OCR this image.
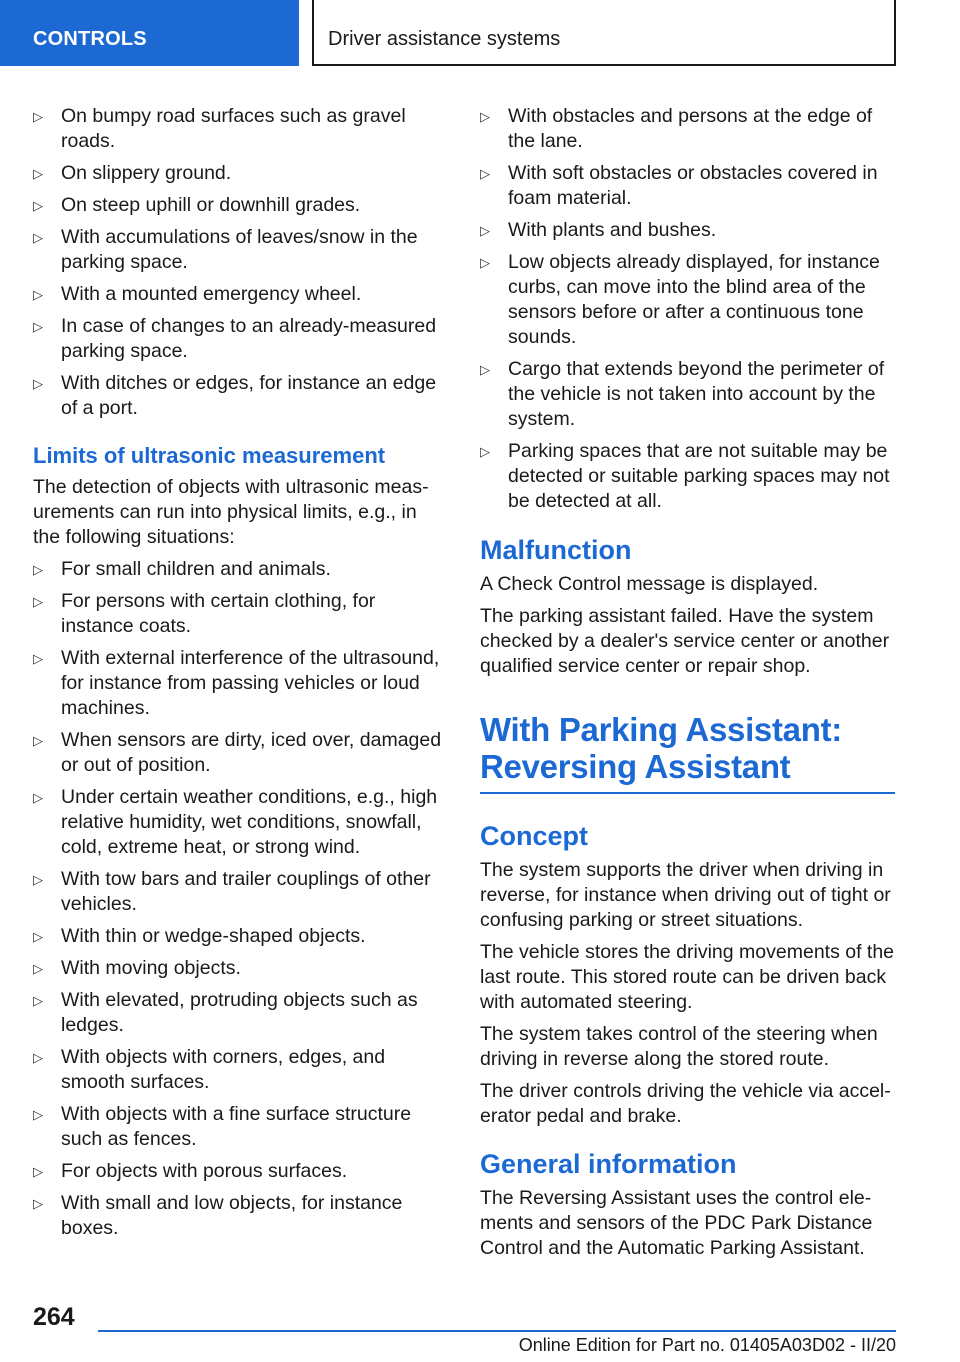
CONTROLS	Driver assistance systems
▷ On bumpy road surfaces such as gravel roads.
▷ On slippery ground.
▷ On steep uphill or downhill grades.
▷ With accumulations of leaves/snow in the parking space.
▷ With a mounted emergency wheel.
▷ In case of changes to an already-measured parking space.
▷ With ditches or edges, for instance an edge of a port.
Limits of ultrasonic measurement

The detection of objects with ultrasonic measurements can run into physical limits, e.g., in the following situations:

▷ For small children and animals.
▷ For persons with certain clothing, for instance coats.
▷ With external interference of the ultrasound, for instance from passing vehicles or loud machines.
▷ When sensors are dirty, iced over, damaged or out of position.
▷ Under certain weather conditions, e.g., high relative humidity, wet conditions, snowfall, cold, extreme heat, or strong wind.
▷ With tow bars and trailer couplings of other vehicles.
▷ With thin or wedge-shaped objects.
▷ With moving objects.
▷ With elevated, protruding objects such as ledges.
▷ With objects with corners, edges, and smooth surfaces.
▷ With objects with a fine surface structure such as fences.
▷ For objects with porous surfaces.
▷ With small and low objects, for instance boxes.
▷ With obstacles and persons at the edge of the lane.
▷ With soft obstacles or obstacles covered in foam material.
▷ With plants and bushes.
▷ Low objects already displayed, for instance curbs, can move into the blind area of the sensors before or after a continuous tone sounds.
▷ Cargo that extends beyond the perimeter of the vehicle is not taken into account by the system.
▷ Parking spaces that are not suitable may be detected or suitable parking spaces may not be detected at all.
Malfunction

A Check Control message is displayed.

The parking assistant failed. Have the system checked by a dealer's service center or another qualified service center or repair shop.

With Parking Assistant:
Reversing Assistant
Concept

The system supports the driver when driving in reverse, for instance when driving out of tight or confusing parking or street situations.

The vehicle stores the driving movements of the last route. This stored route can be driven back with automated steering.

The system takes control of the steering when driving in reverse along the stored route.

The driver controls driving the vehicle via accelerator pedal and brake.

General information

The Reversing Assistant uses the control elements and sensors of the PDC Park Distance Control and the Automatic Parking Assistant.

264
Online Edition for Part no. 01405A03D02 - II/20
